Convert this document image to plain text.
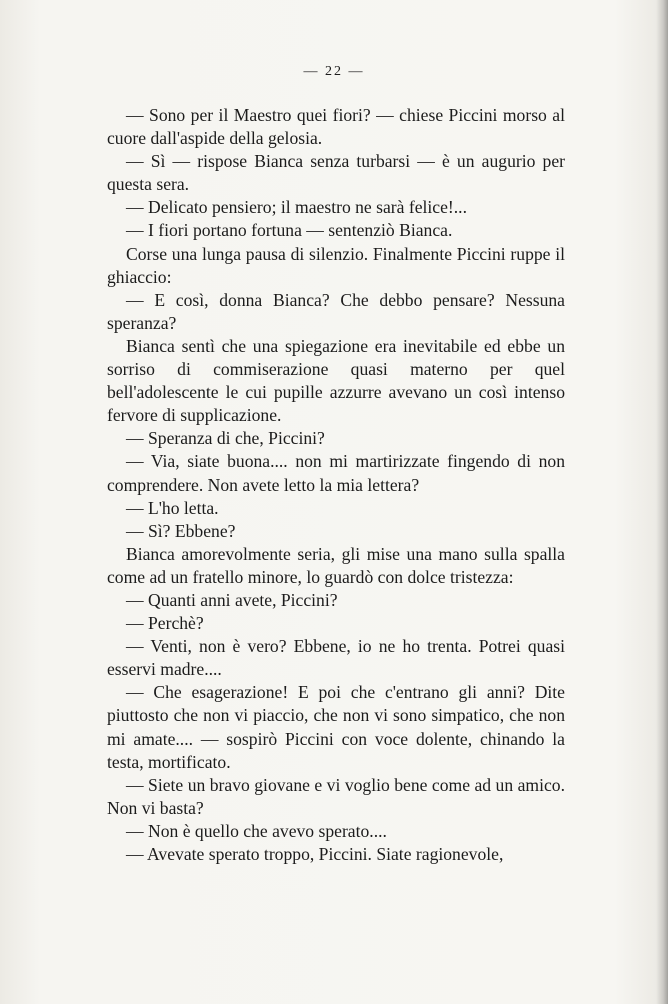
— 22 —

— Sono per il Maestro quei fiori? — chiese Piccini morso al cuore dall'aspide della gelosia.

— Sì — rispose Bianca senza turbarsi — è un augurio per questa sera.

— Delicato pensiero; il maestro ne sarà felice!...

— I fiori portano fortuna — sentenziò Bianca.

Corse una lunga pausa di silenzio. Finalmente Piccini ruppe il ghiaccio:

— E così, donna Bianca? Che debbo pensare? Nessuna speranza?

Bianca sentì che una spiegazione era inevitabile ed ebbe un sorriso di commiserazione quasi materno per quel bell'adolescente le cui pupille azzurre avevano un così intenso fervore di supplicazione.

— Speranza di che, Piccini?

— Via, siate buona.... non mi martirizzate fingendo di non comprendere. Non avete letto la mia lettera?

— L'ho letta.

— Sì? Ebbene?

Bianca amorevolmente seria, gli mise una mano sulla spalla come ad un fratello minore, lo guardò con dolce tristezza:

— Quanti anni avete, Piccini?

— Perchè?

— Venti, non è vero? Ebbene, io ne ho trenta. Potrei quasi esservi madre....

— Che esagerazione! E poi che c'entrano gli anni? Dite piuttosto che non vi piaccio, che non vi sono simpatico, che non mi amate.... — sospirò Piccini con voce dolente, chinando la testa, mortificato.

— Siete un bravo giovane e vi voglio bene come ad un amico. Non vi basta?

— Non è quello che avevo sperato....

— Avevate sperato troppo, Piccini. Siate ragionevole,
